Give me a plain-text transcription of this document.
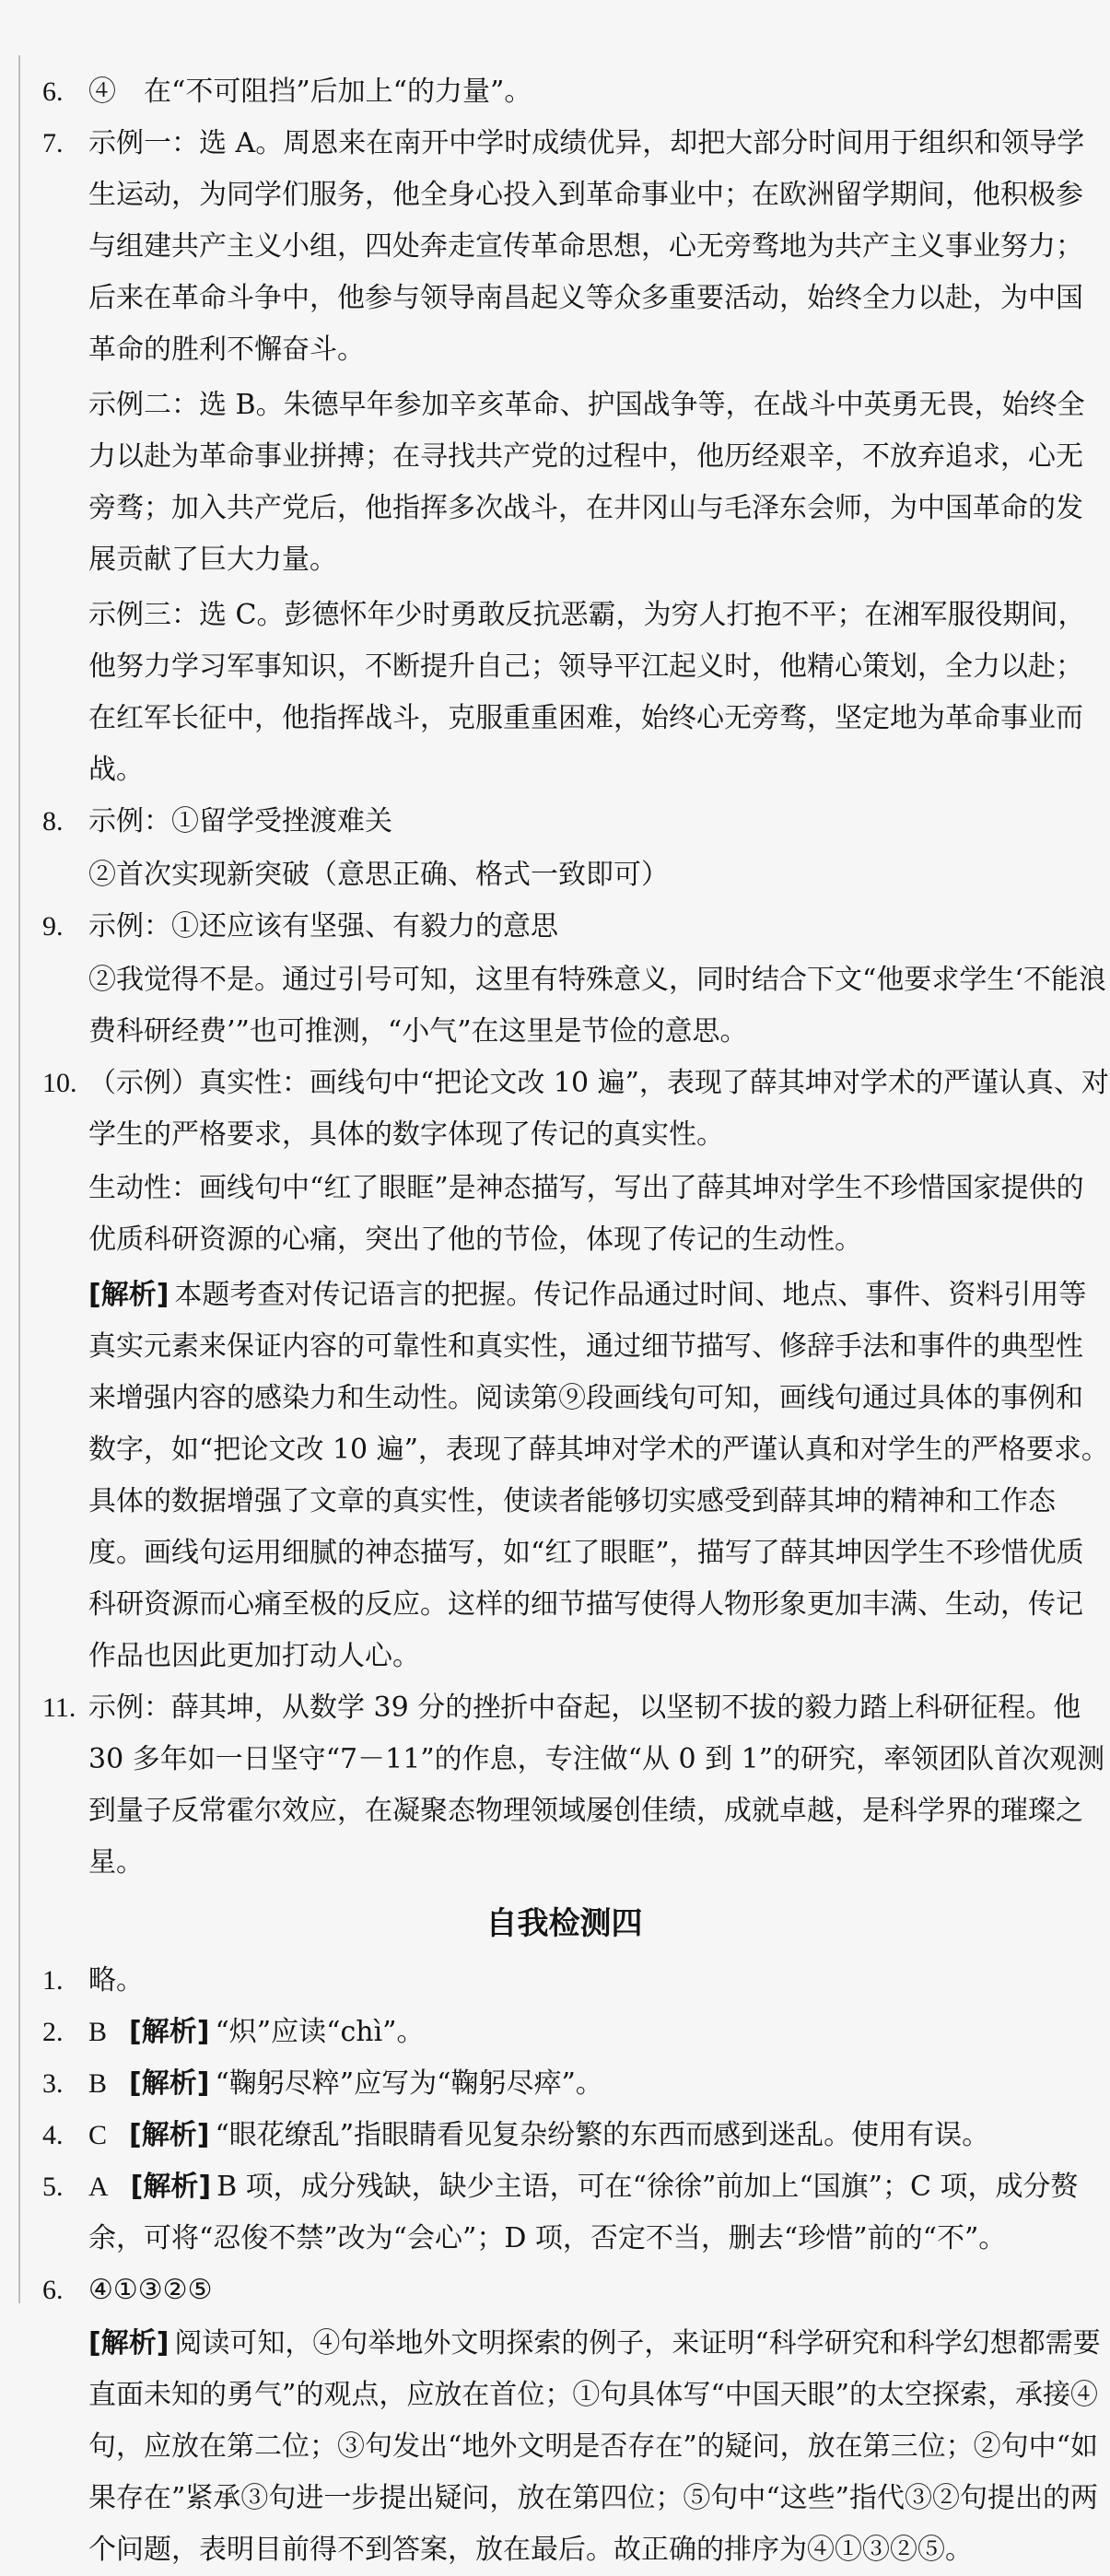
6. ④　在“不可阻挡”后加上“的力量”。

7. 示例一：选 A。周恩来在南开中学时成绩优异，却把大部分时间用于组织和领导学生运动，为同学们服务，他全身心投入到革命事业中；在欧洲留学期间，他积极参与组建共产主义小组，四处奔走宣传革命思想，心无旁骛地为共产主义事业努力；后来在革命斗争中，他参与领导南昌起义等众多重要活动，始终全力以赴，为中国革命的胜利不懈奋斗。

示例二：选 B。朱德早年参加辛亥革命、护国战争等，在战斗中英勇无畏，始终全力以赴为革命事业拼搏；在寻找共产党的过程中，他历经艰辛，不放弃追求，心无旁骛；加入共产党后，他指挥多次战斗，在井冈山与毛泽东会师，为中国革命的发展贡献了巨大力量。

示例三：选 C。彭德怀年少时勇敢反抗恶霸，为穷人打抱不平；在湘军服役期间，他努力学习军事知识，不断提升自己；领导平江起义时，他精心策划，全力以赴；在红军长征中，他指挥战斗，克服重重困难，始终心无旁骛，坚定地为革命事业而战。

8. 示例：①留学受挫渡难关

②首次实现新突破（意思正确、格式一致即可）

9. 示例：①还应该有坚强、有毅力的意思

②我觉得不是。通过引号可知，这里有特殊意义，同时结合下文“他要求学生‘不能浪费科研经费’”也可推测，“小气”在这里是节俭的意思。

10. （示例）真实性：画线句中“把论文改 10 遍”，表现了薛其坤对学术的严谨认真、对学生的严格要求，具体的数字体现了传记的真实性。

生动性：画线句中“红了眼眶”是神态描写，写出了薛其坤对学生不珍惜国家提供的优质科研资源的心痛，突出了他的节俭，体现了传记的生动性。

[解析] 本题考查对传记语言的把握。传记作品通过时间、地点、事件、资料引用等真实元素来保证内容的可靠性和真实性，通过细节描写、修辞手法和事件的典型性来增强内容的感染力和生动性。阅读第⑨段画线句可知，画线句通过具体的事例和数字，如“把论文改 10 遍”，表现了薛其坤对学术的严谨认真和对学生的严格要求。具体的数据增强了文章的真实性，使读者能够切实感受到薛其坤的精神和工作态度。画线句运用细腻的神态描写，如“红了眼眶”，描写了薛其坤因学生不珍惜优质科研资源而心痛至极的反应。这样的细节描写使得人物形象更加丰满、生动，传记作品也因此更加打动人心。

11. 示例：薛其坤，从数学 39 分的挫折中奋起，以坚韧不拔的毅力踏上科研征程。他 30 多年如一日坚守“7－11”的作息，专注做“从 0 到 1”的研究，率领团队首次观测到量子反常霍尔效应，在凝聚态物理领域屡创佳绩，成就卓越，是科学界的璀璨之星。

自我检测四
1. 略。

2. B [解析] “炽”应读“chì”。

3. B [解析] “鞠躬尽粹”应写为“鞠躬尽瘁”。

4. C [解析] “眼花缭乱”指眼睛看见复杂纷繁的东西而感到迷乱。使用有误。

5. A [解析] B 项，成分残缺，缺少主语，可在“徐徐”前加上“国旗”；C 项，成分赘余，可将“忍俊不禁”改为“会心”；D 项，否定不当，删去“珍惜”前的“不”。

6. ④①③②⑤

[解析] 阅读可知，④句举地外文明探索的例子，来证明“科学研究和科学幻想都需要直面未知的勇气”的观点，应放在首位；①句具体写“中国天眼”的太空探索，承接④句，应放在第二位；③句发出“地外文明是否存在”的疑问，放在第三位；②句中“如果存在”紧承③句进一步提出疑问，放在第四位；⑤句中“这些”指代③②句提出的两个问题，表明目前得不到答案，放在最后。故正确的排序为④①③②⑤。
